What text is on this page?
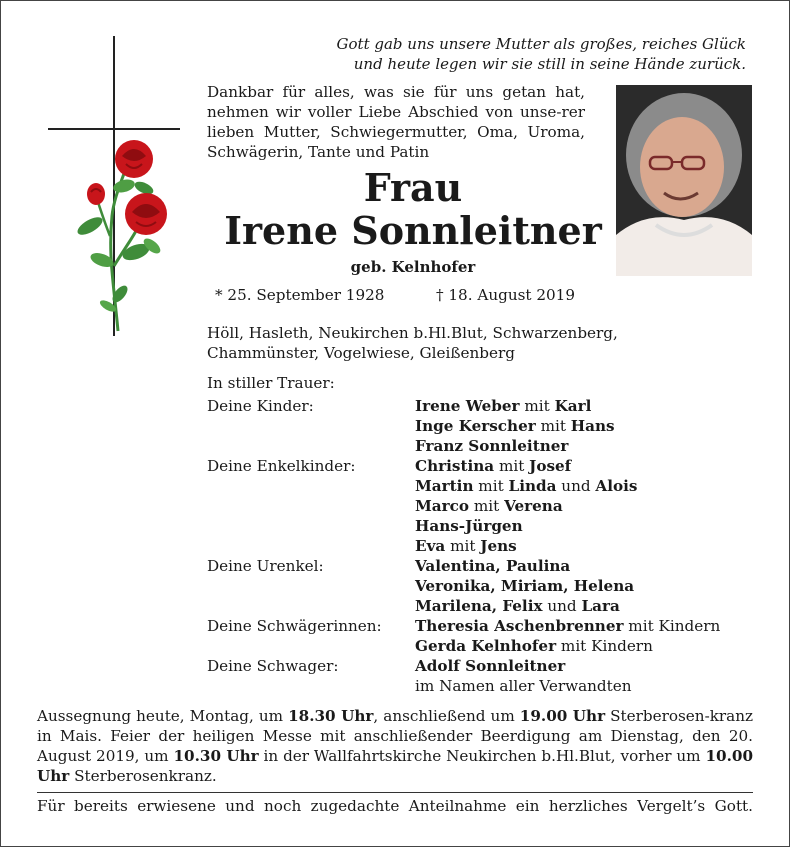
Gott gab uns unsere Mutter als großes, reiches Glück
und heute legen wir sie still in seine Hände zurück.
Dankbar für alles, was sie für uns getan hat, nehmen wir voller Liebe Abschied von unse-rer lieben Mutter, Schwiegermutter, Oma, Uroma, Schwägerin, Tante und Patin
Frau
Irene Sonnleitner
geb. Kelnhofer
* 25. September 1928	† 18. August 2019
Höll, Hasleth, Neukirchen b.Hl.Blut, Schwarzenberg,
Chammünster, Vogelwiese, Gleißenberg
In stiller Trauer:
Deine Kinder:	Irene Weber mit Karl
Inge Kerscher mit Hans
Franz Sonnleitner
Deine Enkelkinder:	Christina mit Josef
Martin mit Linda und Alois
Marco mit Verena
Hans-Jürgen
Eva mit Jens
Deine Urenkel:	Valentina, Paulina
Veronika, Miriam, Helena
Marilena, Felix und Lara
Deine Schwägerinnen:	Theresia Aschenbrenner mit Kindern
Gerda Kelnhofer mit Kindern
Deine Schwager:	Adolf Sonnleitner
im Namen aller Verwandten
Aussegnung heute, Montag, um 18.30 Uhr, anschließend um 19.00 Uhr Sterberosen-kranz in Mais. Feier der heiligen Messe mit anschließender Beerdigung am Dienstag, den 20. August 2019, um 10.30 Uhr in der Wallfahrtskirche Neukirchen b.Hl.Blut, vorher um 10.00 Uhr Sterberosenkranz.
Für bereits erwiesene und noch zugedachte Anteilnahme ein herzliches Vergelt’s Gott.
